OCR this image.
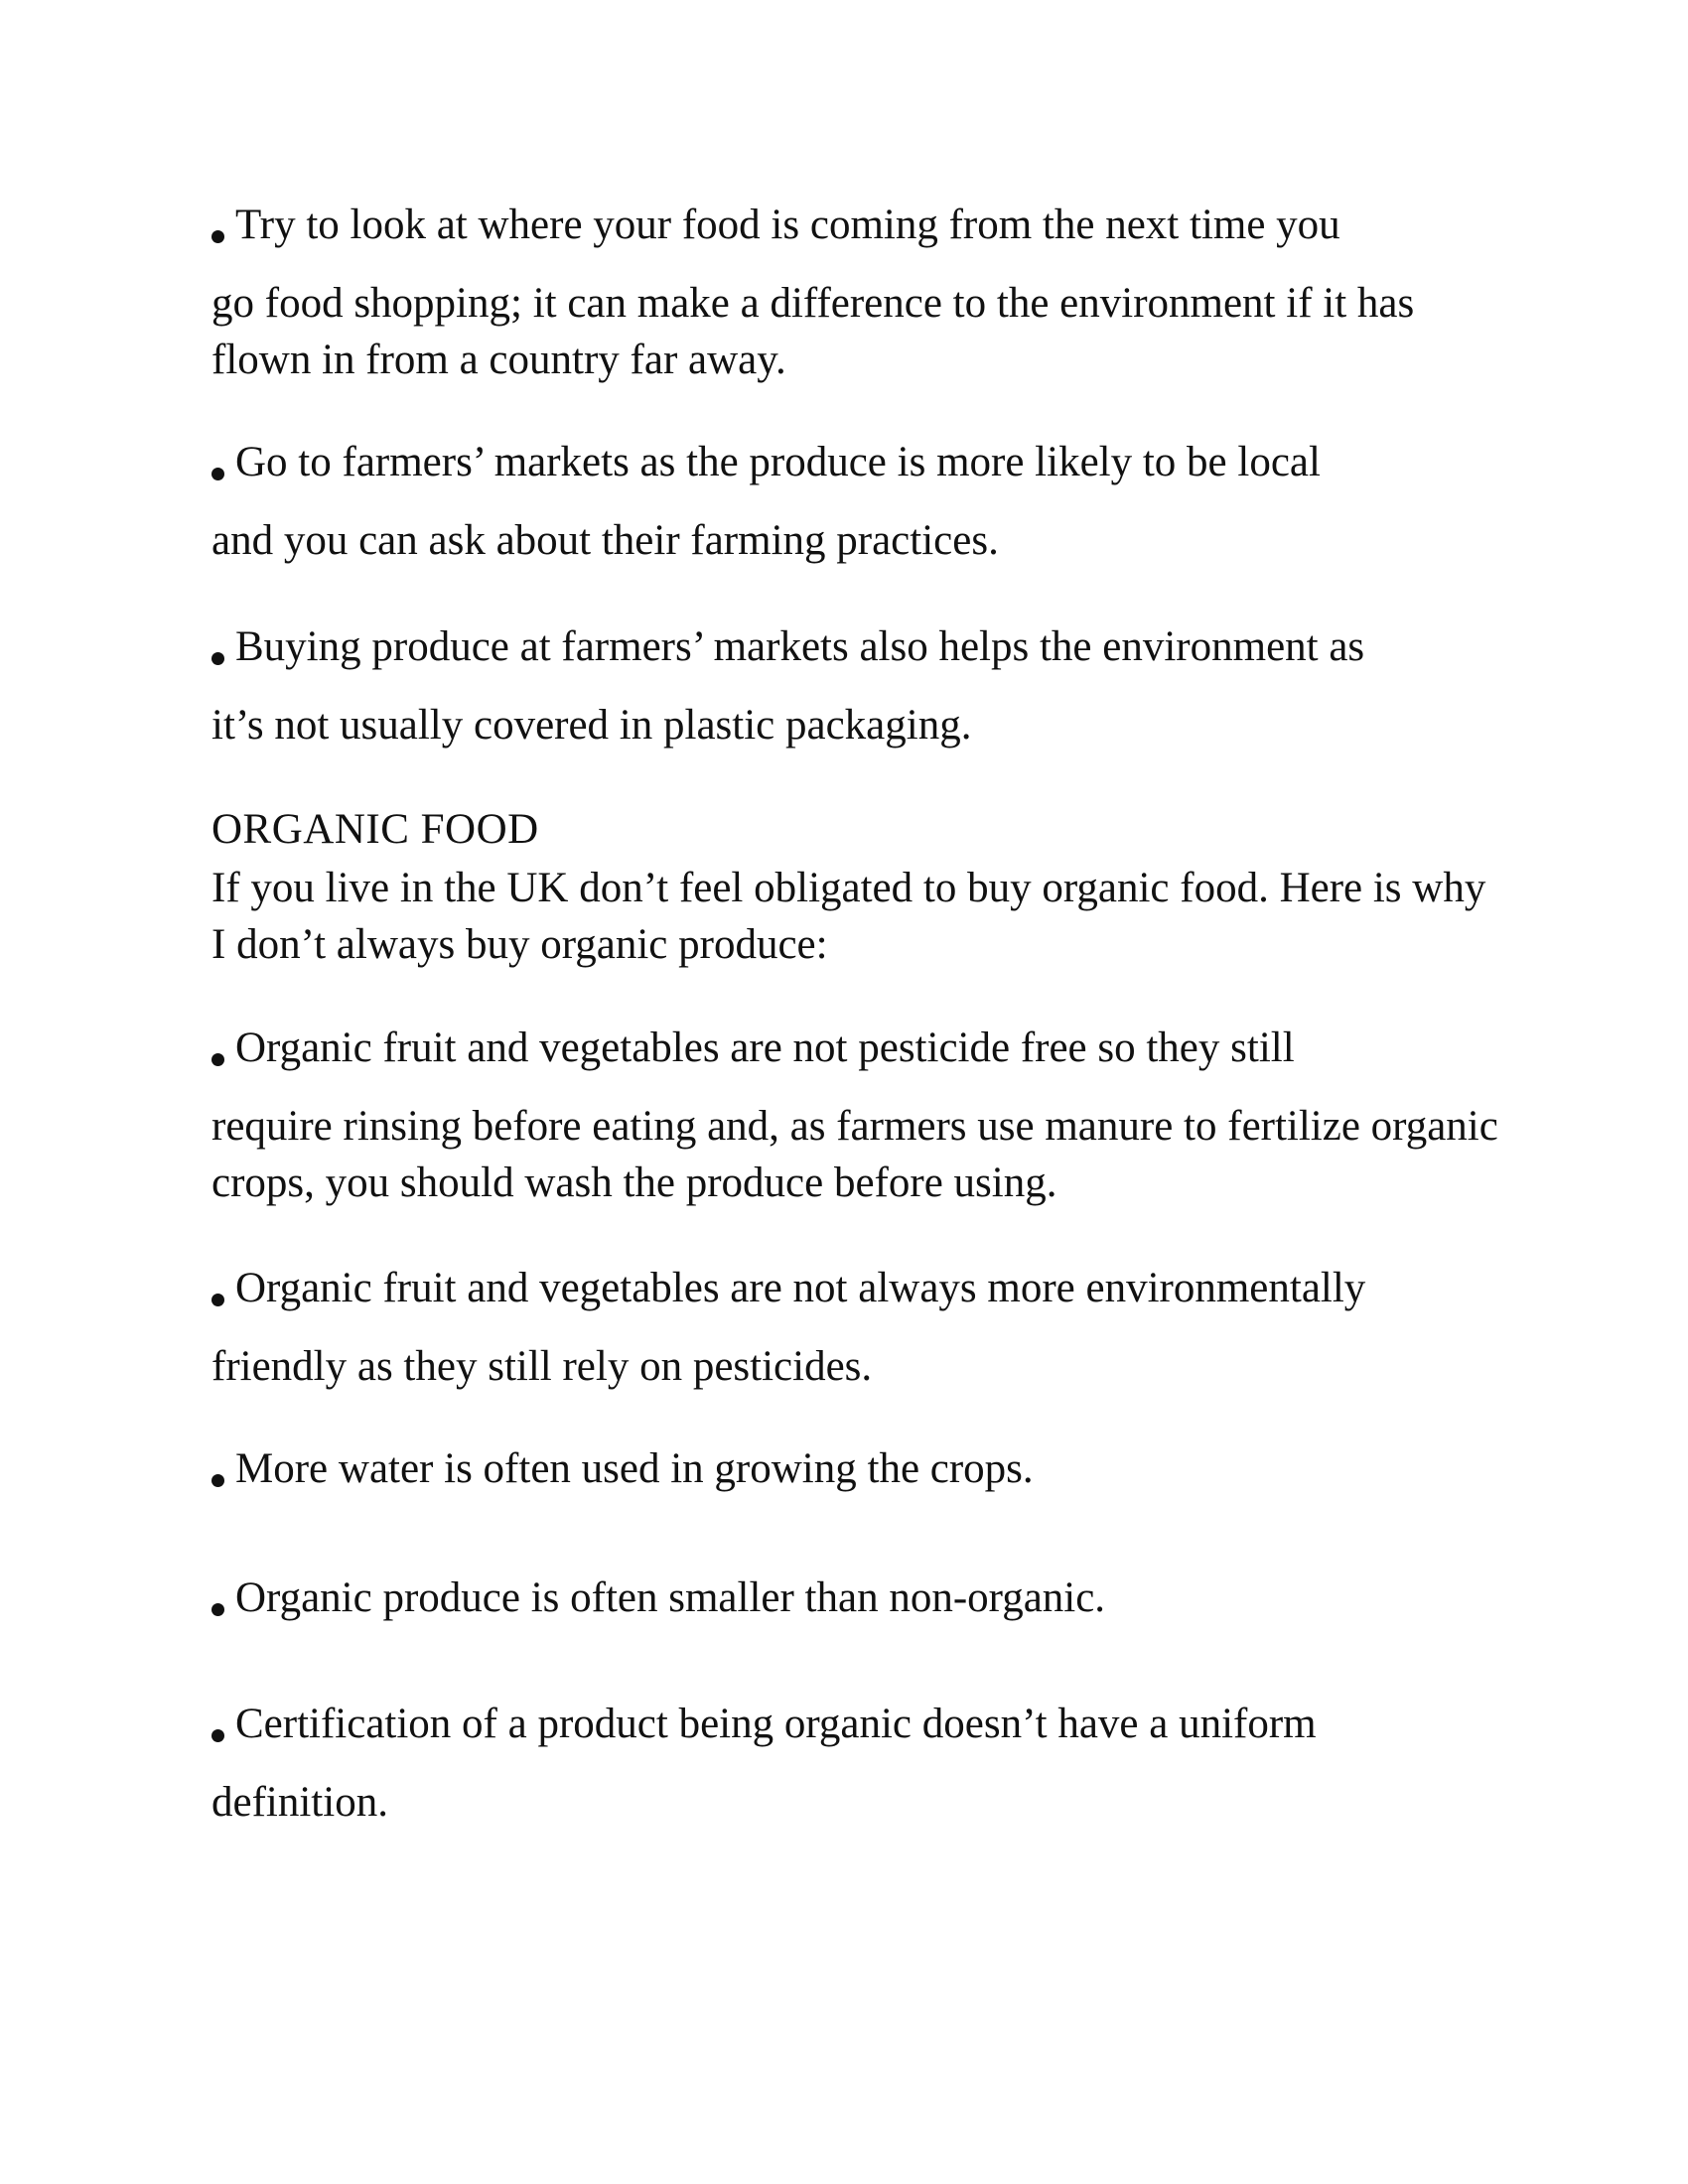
Try to look at where your food is coming from the next time you
go food shopping; it can make a difference to the environment if it has flown in from a country far away.
Go to farmers’ markets as the produce is more likely to be local
and you can ask about their farming practices.
Buying produce at farmers’ markets also helps the environment as
it’s not usually covered in plastic packaging.
ORGANIC FOOD
If you live in the UK don’t feel obligated to buy organic food. Here is why I don’t always buy organic produce:
Organic fruit and vegetables are not pesticide free so they still
require rinsing before eating and, as farmers use manure to fertilize organic crops, you should wash the produce before using.
Organic fruit and vegetables are not always more environmentally
friendly as they still rely on pesticides.
More water is often used in growing the crops.
Organic produce is often smaller than non-organic.
Certification of a product being organic doesn’t have a uniform
definition.
